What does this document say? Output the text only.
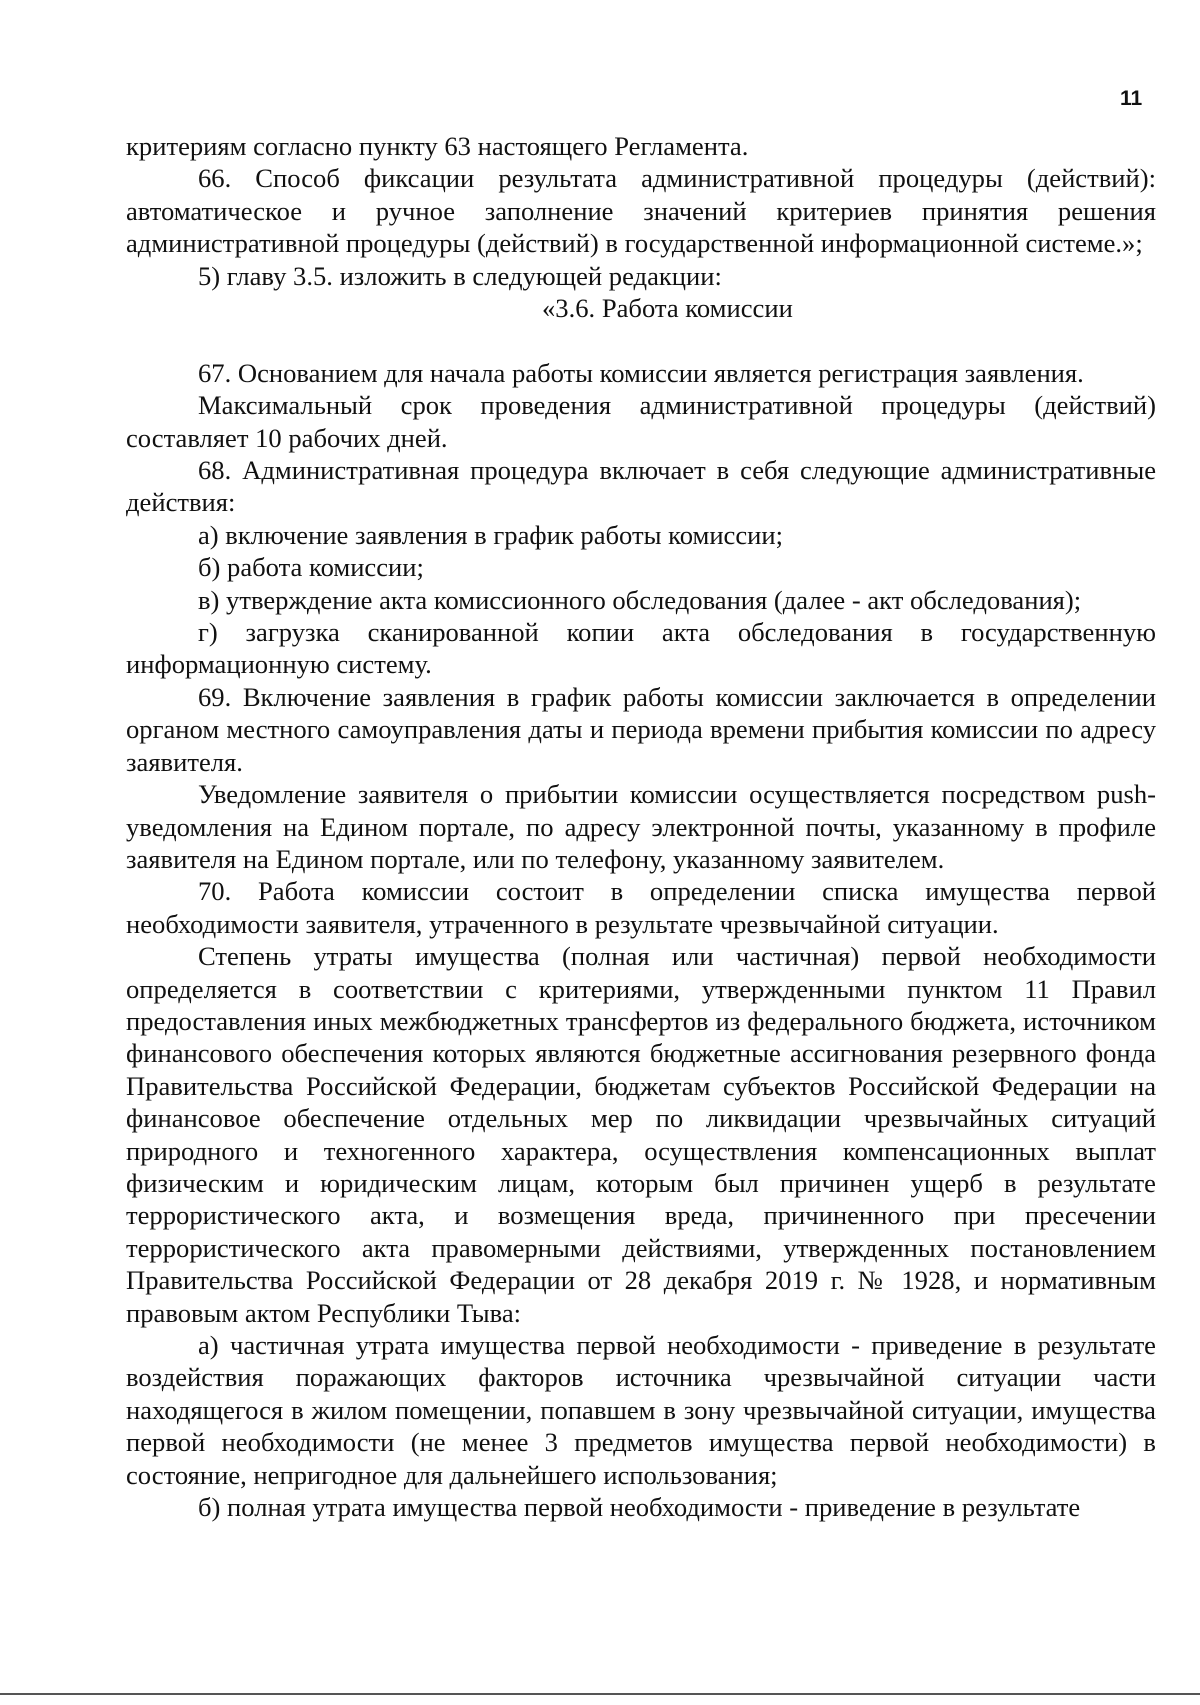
11

критериям согласно пункту 63 настоящего Регламента.

66. Способ фиксации результата административной процедуры (действий): автоматическое и ручное заполнение значений критериев принятия решения административной процедуры (действий) в государственной информационной системе.»;

5) главу 3.5. изложить в следующей редакции:

«3.6. Работа комиссии

67. Основанием для начала работы комиссии является регистрация заявления.

Максимальный срок проведения административной процедуры (действий) составляет 10 рабочих дней.

68. Административная процедура включает в себя следующие административные действия:

а) включение заявления в график работы комиссии;

б) работа комиссии;

в) утверждение акта комиссионного обследования (далее - акт обследования);

г) загрузка сканированной копии акта обследования в государственную информационную систему.

69. Включение заявления в график работы комиссии заключается в определении органом местного самоуправления даты и периода времени прибытия комиссии по адресу заявителя.

Уведомление заявителя о прибытии комиссии осуществляется посредством push-уведомления на Едином портале, по адресу электронной почты, указанному в профиле заявителя на Едином портале, или по телефону, указанному заявителем.

70. Работа комиссии состоит в определении списка имущества первой необходимости заявителя, утраченного в результате чрезвычайной ситуации.

Степень утраты имущества (полная или частичная) первой необходимости определяется в соответствии с критериями, утвержденными пунктом 11 Правил предоставления иных межбюджетных трансфертов из федерального бюджета, источником финансового обеспечения которых являются бюджетные ассигнования резервного фонда Правительства Российской Федерации, бюджетам субъектов Российской Федерации на финансовое обеспечение отдельных мер по ликвидации чрезвычайных ситуаций природного и техногенного характера, осуществления компенсационных выплат физическим и юридическим лицам, которым был причинен ущерб в результате террористического акта, и возмещения вреда, причиненного при пресечении террористического акта правомерными действиями, утвержденных постановлением Правительства Российской Федерации от 28 декабря 2019 г. № 1928, и нормативным правовым актом Республики Тыва:

а) частичная утрата имущества первой необходимости - приведение в результате воздействия поражающих факторов источника чрезвычайной ситуации части находящегося в жилом помещении, попавшем в зону чрезвычайной ситуации, имущества первой необходимости (не менее 3 предметов имущества первой необходимости) в состояние, непригодное для дальнейшего использования;

б) полная утрата имущества первой необходимости - приведение в результате
